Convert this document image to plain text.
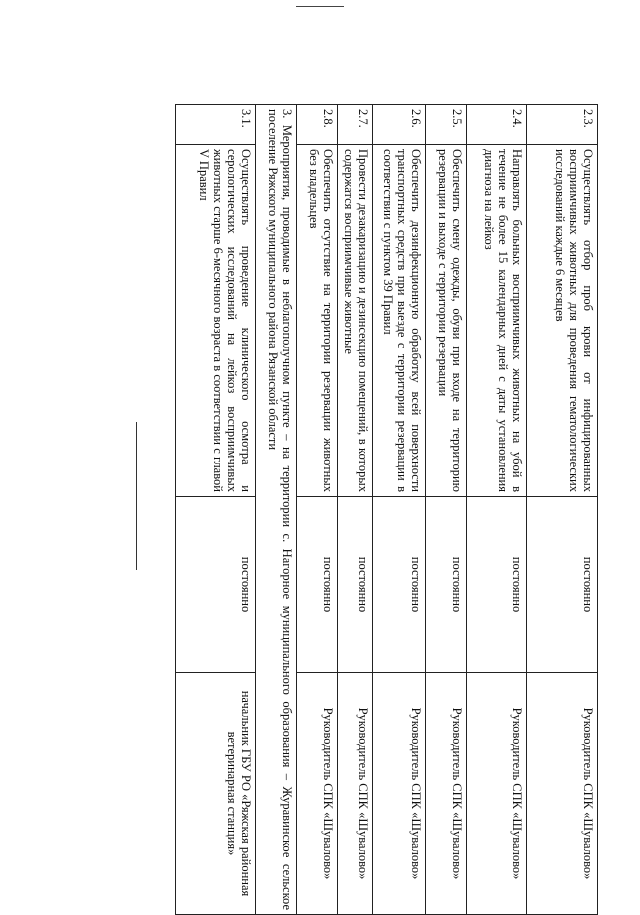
2.3.	Осуществлять отбор проб крови от инфицированных восприимчивых животных для проведения гематологических исследований каждые 6 месяцев	постоянно	Руководитель СПК «Шувалово»
2.4.	Направлять больных восприимчивых животных на убой в течение не более 15 календарных дней с даты установления диагноза на лейкоз	постоянно	Руководитель СПК «Шувалово»
2.5.	Обеспечить смену одежды, обуви при входе на территорию резервации и выходе с территории резервации	постоянно	Руководитель СПК «Шувалово»
2.6.	Обеспечить дезинфекционную обработку всей поверхности транспортных средств при выезде с территории резервации в соответствии с пунктом 39 Правил	постоянно	Руководитель СПК «Шувалово»
2.7.	Провести дезакаризацию и дезинсекцию помещений, в которых содержатся восприимчивые животные	постоянно	Руководитель СПК «Шувалово»
2.8.	Обеспечить отсутствие на территории резервации животных без владельцев	постоянно	Руководитель СПК «Шувалово»
3. Мероприятия, проводимые в неблагополучном пункте – на территории с. Нагорное муниципального образования – Журавинское сельское поселение Ряжского муниципального района Рязанской области			
3.1.	Осуществлять проведение клинического осмотра и серологических исследований на лейкоз восприимчивых животных старше 6-месячного возраста в соответствии с главой V Правил	постоянно	начальник ГБУ РО «Ряжская районная ветеринарная станция»
